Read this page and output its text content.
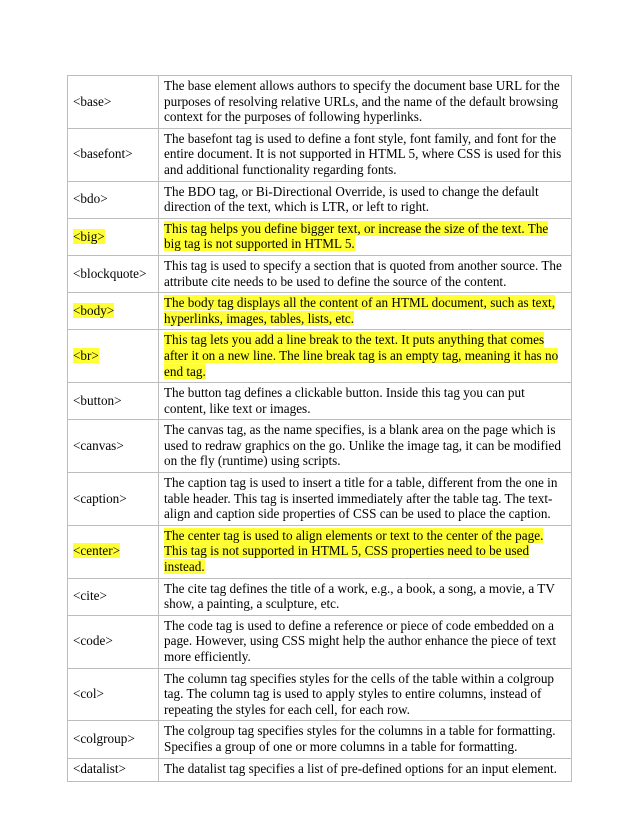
<base>	The base element allows authors to specify the document base URL for the purposes of resolving relative URLs, and the name of the default browsing context for the purposes of following hyperlinks.
<basefont>	The basefont tag is used to define a font style, font family, and font for the entire document. It is not supported in HTML 5, where CSS is used for this and additional functionality regarding fonts.
<bdo>	The BDO tag, or Bi-Directional Override, is used to change the default direction of the text, which is LTR, or left to right.
<big>	This tag helps you define bigger text, or increase the size of the text. The big tag is not supported in HTML 5.
<blockquote>	This tag is used to specify a section that is quoted from another source. The attribute cite needs to be used to define the source of the content.
<body>	The body tag displays all the content of an HTML document, such as text, hyperlinks, images, tables, lists, etc.
<br>	This tag lets you add a line break to the text. It puts anything that comes after it on a new line. The line break tag is an empty tag, meaning it has no end tag.
<button>	The button tag defines a clickable button. Inside this tag you can put content, like text or images.
<canvas>	The canvas tag, as the name specifies, is a blank area on the page which is used to redraw graphics on the go. Unlike the image tag, it can be modified on the fly (runtime) using scripts.
<caption>	The caption tag is used to insert a title for a table, different from the one in table header. This tag is inserted immediately after the table tag. The text-align and caption side properties of CSS can be used to place the caption.
<center>	The center tag is used to align elements or text to the center of the page. This tag is not supported in HTML 5, CSS properties need to be used instead.
<cite>	The cite tag defines the title of a work, e.g., a book, a song, a movie, a TV show, a painting, a sculpture, etc.
<code>	The code tag is used to define a reference or piece of code embedded on a page. However, using CSS might help the author enhance the piece of text more efficiently.
<col>	The column tag specifies styles for the cells of the table within a colgroup tag. The column tag is used to apply styles to entire columns, instead of repeating the styles for each cell, for each row.
<colgroup>	The colgroup tag specifies styles for the columns in a table for formatting. Specifies a group of one or more columns in a table for formatting.
<datalist>	The datalist tag specifies a list of pre-defined options for an input element.
